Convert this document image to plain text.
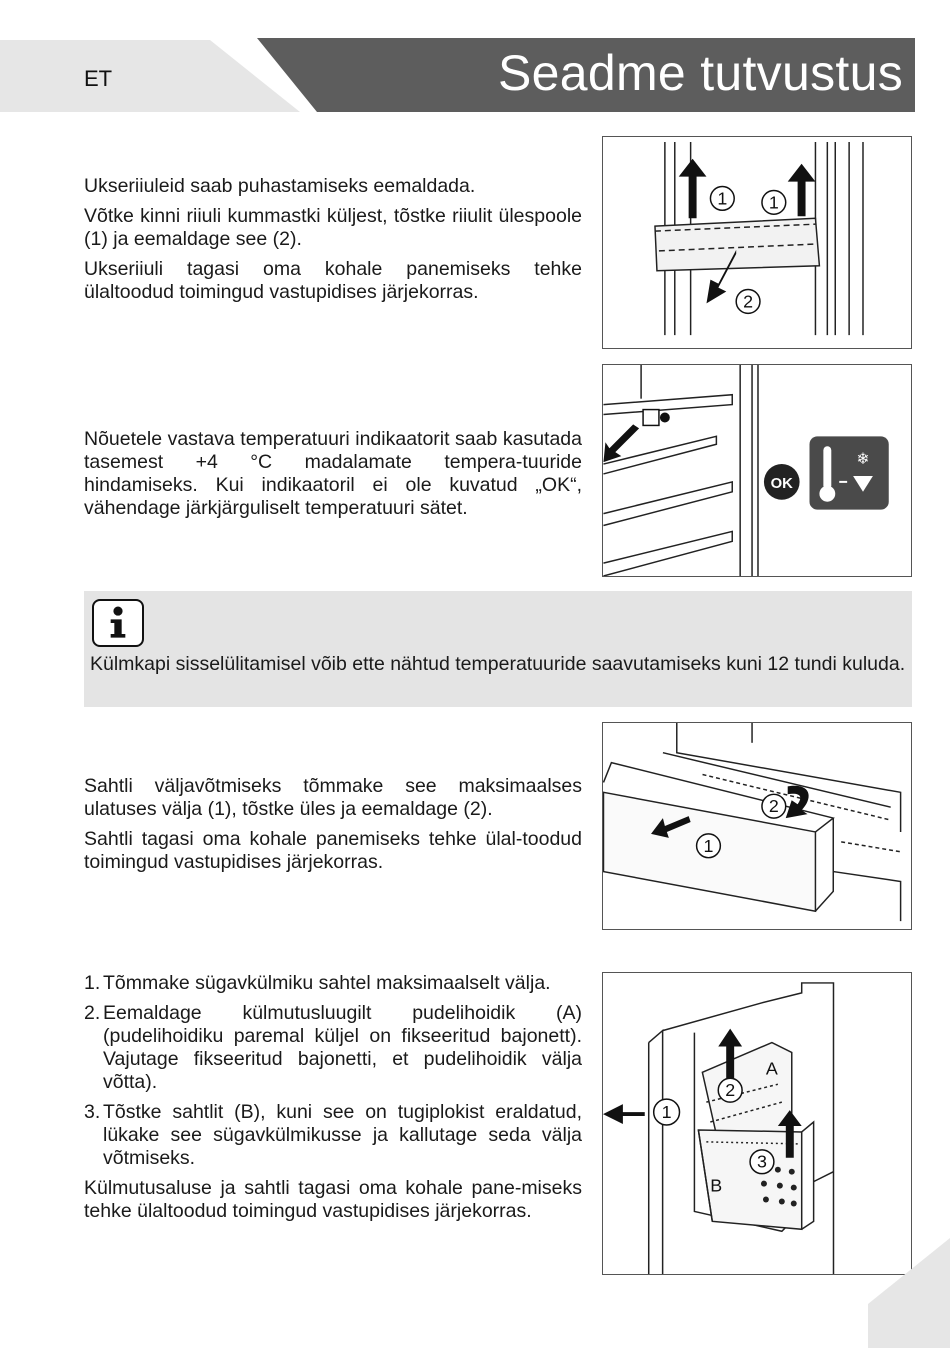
ET	Seadme tutvustus

Ukseriiuleid saab puhastamiseks eemaldada.

Võtke kinni riiuli kummastki küljest, tõstke riiulit ülespoole (1) ja eemaldage see (2).

Ukseriiuli tagasi oma kohale panemiseks tehke ülaltoodud toimingud vastupidises järjekorras.

1 1
2

Nõuetele vastava temperatuuri indikaatorit saab kasutada tasemest +4 °C madalamate tempera-tuuride hindamiseks. Kui indikaatoril ei ole kuvatud „OK“, vähendage järkjärguliselt temperatuuri sätet.

OK
❄
Külmkapi sisselülitamisel võib ette nähtud temperatuuride saavutamiseks kuni 12 tundi kuluda.

Sahtli väljavõtmiseks tõmmake see maksimaalses ulatuses välja (1), tõstke üles ja eemaldage (2).

Sahtli tagasi oma kohale panemiseks tehke ülal-toodud toimingud vastupidises järjekorras.

1
2
1. Tõmmake sügavkülmiku sahtel maksimaalselt välja.
2. Eemaldage külmutusluugilt pudelihoidik (A) (pudelihoidiku paremal küljel on fikseeritud bajonett). Vajutage fikseeritud bajonetti, et pudelihoidik välja võtta).
3. Tõstke sahtlit (B), kuni see on tugiplokist eraldatud, lükake see sügavkülmikusse ja kallutage seda välja võtmiseks.

Külmutusaluse ja sahtli tagasi oma kohale pane-miseks tehke ülaltoodud toimingud vastupidises järjekorras.

1
2
3
A
B
